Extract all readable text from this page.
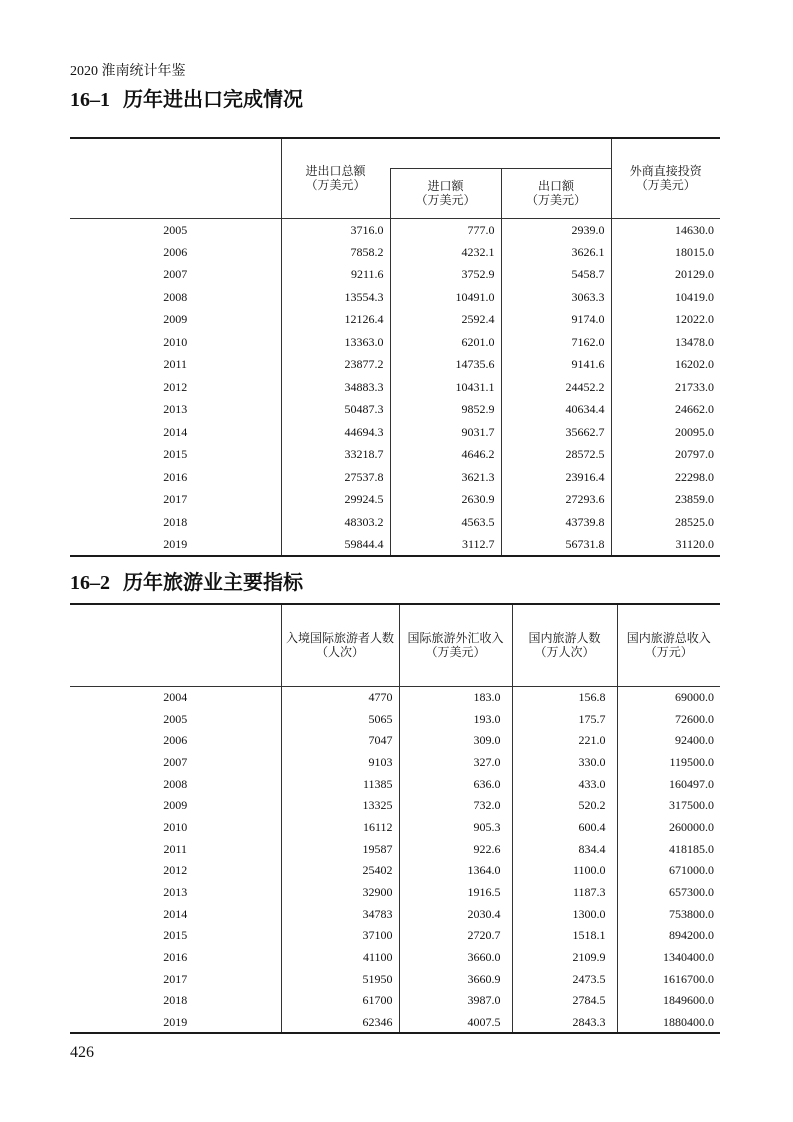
2020 淮南统计年鉴
16–1 历年进出口完成情况

	进出口总额
（万美元）			外商直接投资
（万美元）

		进口额
（万美元）	出口额
（万美元）	

2005	3716.0	777.0	2939.0	14630.0
2006	7858.2	4232.1	3626.1	18015.0
2007	9211.6	3752.9	5458.7	20129.0
2008	13554.3	10491.0	3063.3	10419.0
2009	12126.4	2592.4	9174.0	12022.0
2010	13363.0	6201.0	7162.0	13478.0
2011	23877.2	14735.6	9141.6	16202.0
2012	34883.3	10431.1	24452.2	21733.0
2013	50487.3	9852.9	40634.4	24662.0
2014	44694.3	9031.7	35662.7	20095.0
2015	33218.7	4646.2	28572.5	20797.0
2016	27537.8	3621.3	23916.4	22298.0
2017	29924.5	2630.9	27293.6	23859.0
2018	48303.2	4563.5	43739.8	28525.0
2019	59844.4	3112.7	56731.8	31120.0
16–2 历年旅游业主要指标

	入境国际旅游者人数
（人次）	国际旅游外汇收入
（万美元）	国内旅游人数
（万人次）	国内旅游总收入
（万元）

2004	4770	183.0	156.8	69000.0
2005	5065	193.0	175.7	72600.0
2006	7047	309.0	221.0	92400.0
2007	9103	327.0	330.0	119500.0
2008	11385	636.0	433.0	160497.0
2009	13325	732.0	520.2	317500.0
2010	16112	905.3	600.4	260000.0
2011	19587	922.6	834.4	418185.0
2012	25402	1364.0	1100.0	671000.0
2013	32900	1916.5	1187.3	657300.0
2014	34783	2030.4	1300.0	753800.0
2015	37100	2720.7	1518.1	894200.0
2016	41100	3660.0	2109.9	1340400.0
2017	51950	3660.9	2473.5	1616700.0
2018	61700	3987.0	2784.5	1849600.0
2019	62346	4007.5	2843.3	1880400.0
426
